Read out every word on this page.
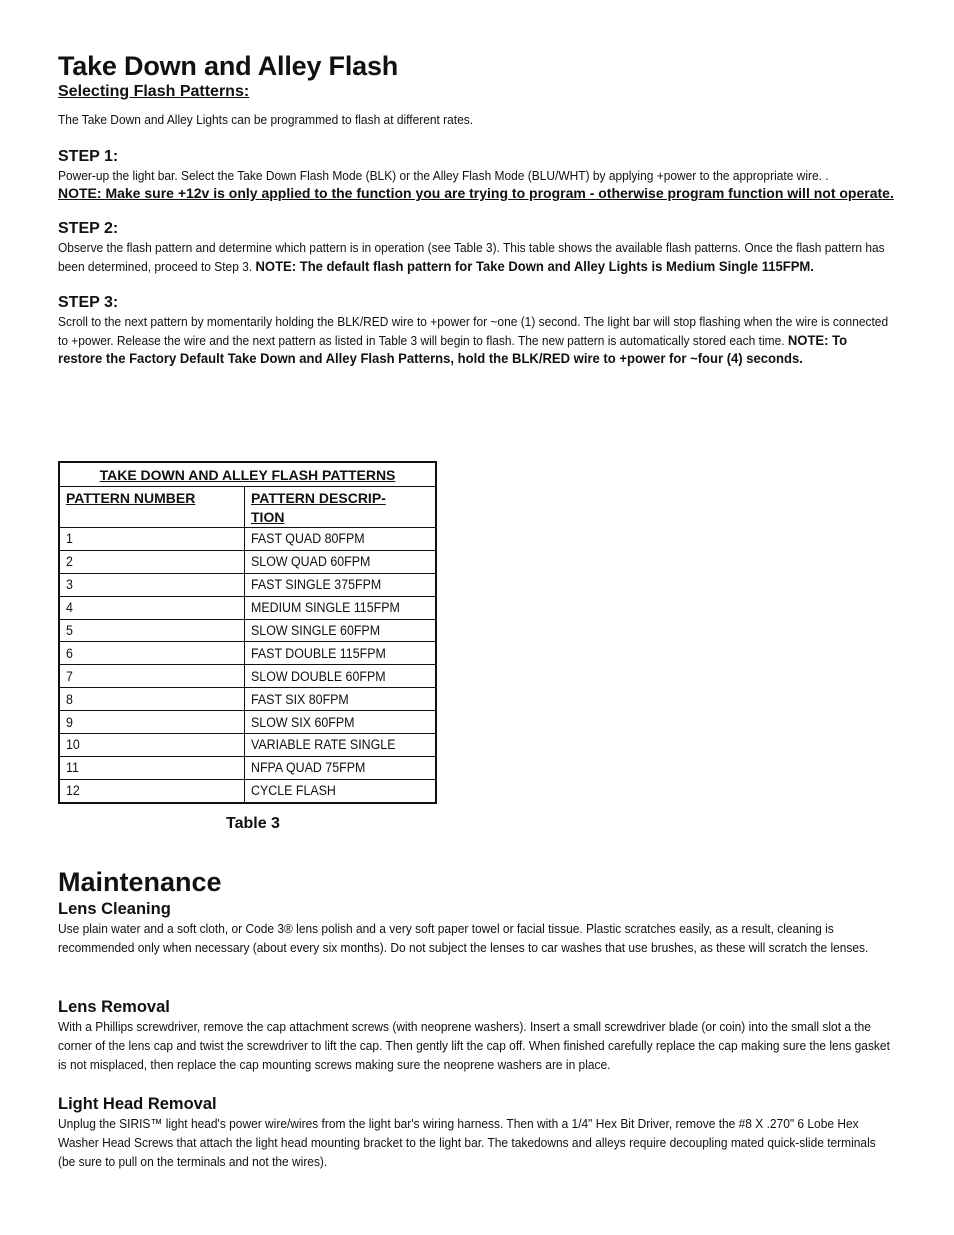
Take Down and Alley Flash

Selecting Flash Patterns:

The Take Down and Alley Lights can be programmed to flash at different rates.

STEP 1:

Power-up the light bar. Select the Take Down Flash Mode (BLK) or the Alley Flash Mode (BLU/WHT) by applying +power to the appropriate wire. .

NOTE: Make sure +12v is only applied to the function you are trying to program - otherwise program function will not operate.

STEP 2:

Observe the flash pattern and determine which pattern is in operation (see Table 3). This table shows the available flash patterns. Once the flash pattern has been determined, proceed to Step 3. NOTE: The default flash pattern for Take Down and Alley Lights is Medium Single 115FPM.

STEP 3:

Scroll to the next pattern by momentarily holding the BLK/RED wire to +power for ~one (1) second. The light bar will stop flashing when the wire is connected to +power. Release the wire and the next pattern as listed in Table 3 will begin to flash. The new pattern is automatically stored each time. NOTE: To restore the Factory Default Take Down and Alley Flash Patterns, hold the BLK/RED wire to +power for ~four (4) seconds.

TAKE DOWN AND ALLEY FLASH PATTERNS	
PATTERN NUMBER	PATTERN DESCRIP-
TION
1	FAST QUAD 80FPM
2	SLOW QUAD 60FPM
3	FAST SINGLE 375FPM
4	MEDIUM SINGLE 115FPM
5	SLOW SINGLE 60FPM
6	FAST DOUBLE 115FPM
7	SLOW DOUBLE 60FPM
8	FAST SIX 80FPM
9	SLOW SIX 60FPM
10	VARIABLE RATE SINGLE
11	NFPA QUAD 75FPM
12	CYCLE FLASH
Table 3
Maintenance

Lens Cleaning

Use plain water and a soft cloth, or Code 3® lens polish and a very soft paper towel or facial tissue. Plastic scratches easily, as a result, cleaning is recommended only when necessary (about every six months). Do not subject the lenses to car washes that use brushes, as these will scratch the lenses.

Lens Removal

With a Phillips screwdriver, remove the cap attachment screws (with neoprene washers). Insert a small screwdriver blade (or coin) into the small slot a the corner of the lens cap and twist the screwdriver to lift the cap. Then gently lift the cap off. When finished carefully replace the cap making sure the lens gasket is not misplaced, then replace the cap mounting screws making sure the neoprene washers are in place.

Light Head Removal

Unplug the SIRIS™ light head's power wire/wires from the light bar's wiring harness. Then with a 1/4" Hex Bit Driver, remove the #8 X .270" 6 Lobe Hex Washer Head Screws that attach the light head mounting bracket to the light bar. The takedowns and alleys require decoupling mated quick-slide terminals (be sure to pull on the terminals and not the wires).
